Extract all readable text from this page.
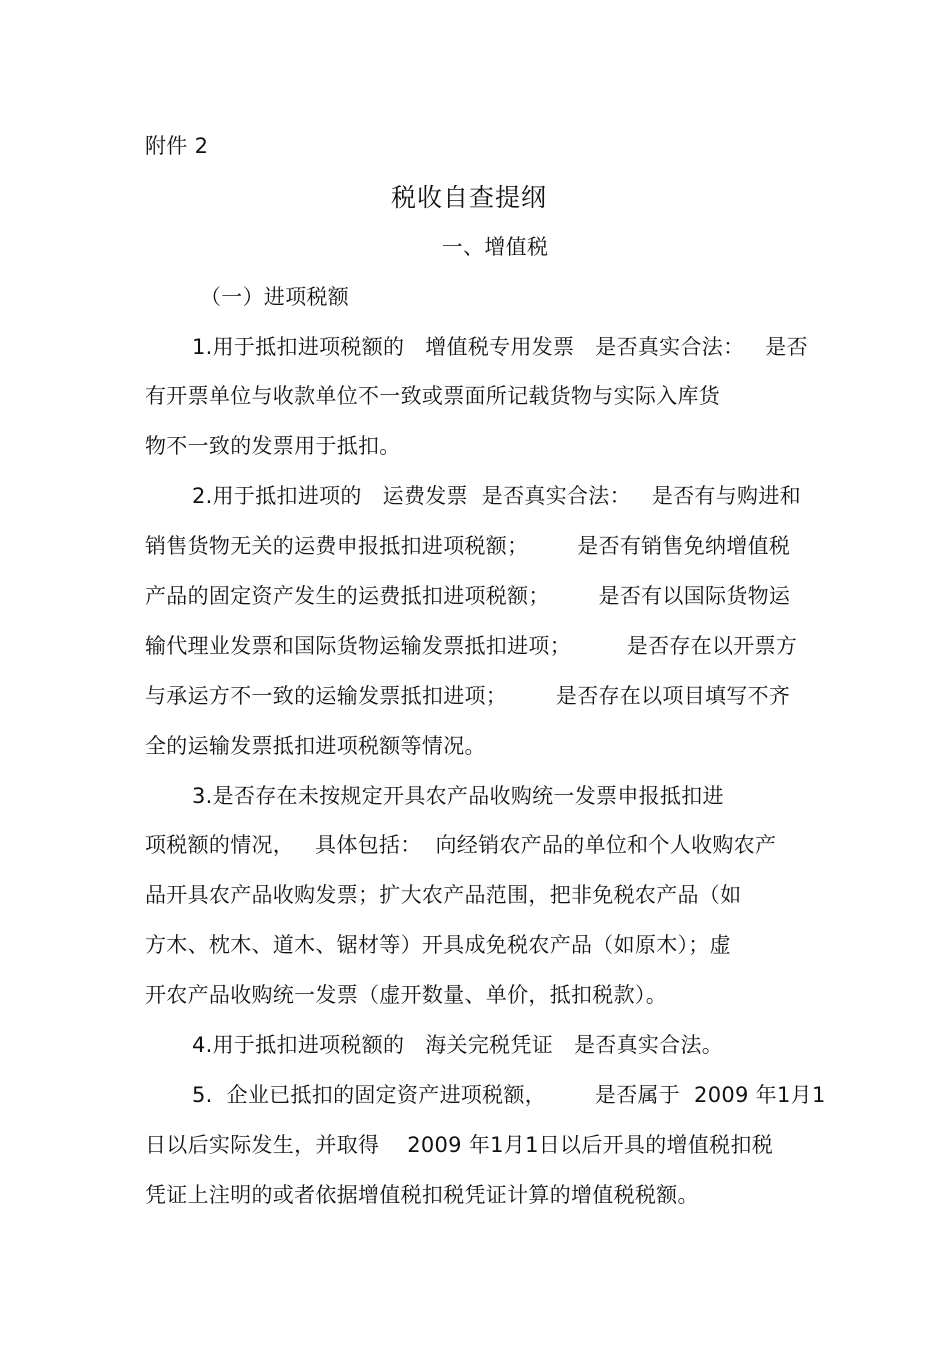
附件 2
税收自查提纲
一、增值税
（一）进项税额
1.用于抵扣进项税额的   增值税专用发票   是否真实合法：   是否
有开票单位与收款单位不一致或票面所记载货物与实际入库货
物不一致的发票用于抵扣。
2.用于抵扣进项的   运费发票  是否真实合法：   是否有与购进和
销售货物无关的运费申报抵扣进项税额；       是否有销售免纳增值税
产品的固定资产发生的运费抵扣进项税额；       是否有以国际货物运
输代理业发票和国际货物运输发票抵扣进项；        是否存在以开票方
与承运方不一致的运输发票抵扣进项；       是否存在以项目填写不齐
全的运输发票抵扣进项税额等情况。
3.是否存在未按规定开具农产品收购统一发票申报抵扣进
项税额的情况，   具体包括：  向经销农产品的单位和个人收购农产
品开具农产品收购发票；扩大农产品范围，把非免税农产品（如
方木、枕木、道木、锯材等）开具成免税农产品（如原木）；虚
开农产品收购统一发票（虚开数量、单价，抵扣税款）。
4.用于抵扣进项税额的   海关完税凭证   是否真实合法。
5.  企业已抵扣的固定资产进项税额，       是否属于  2009 年1月1
日以后实际发生，并取得    2009 年1月1日以后开具的增值税扣税
凭证上注明的或者依据增值税扣税凭证计算的增值税税额。
